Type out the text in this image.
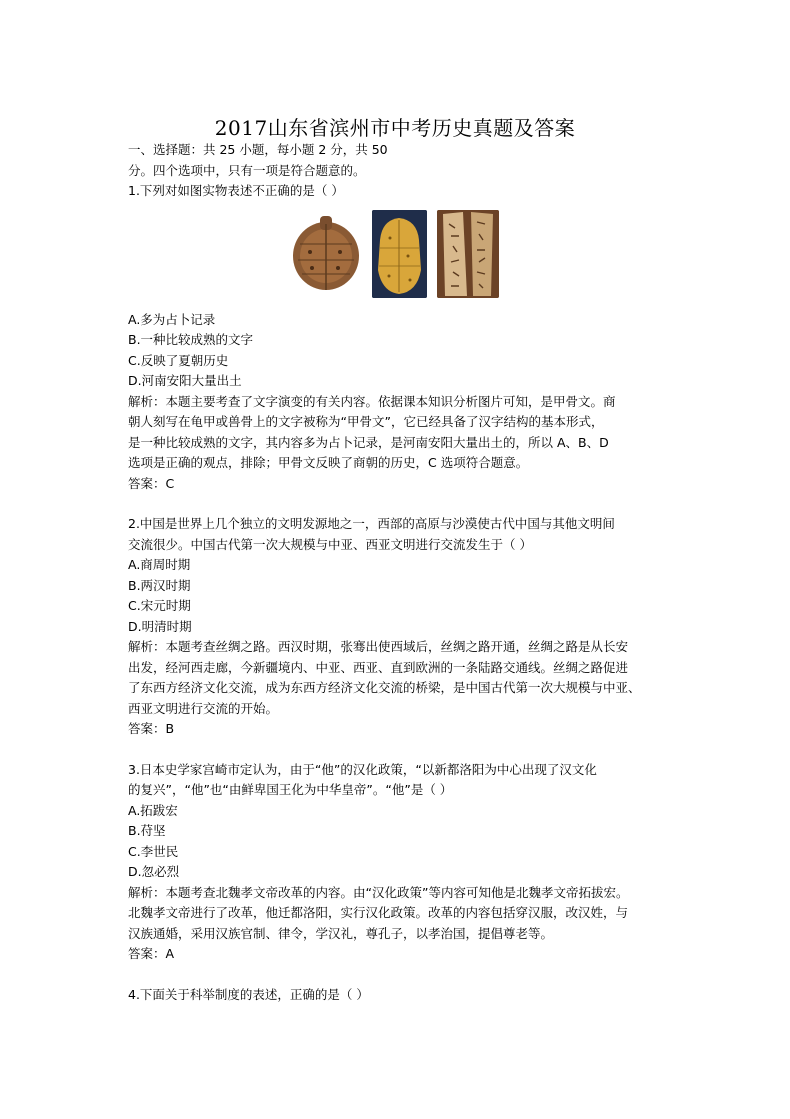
2017山东省滨州市中考历史真题及答案
一、选择题：共 25 小题，每小题 2 分，共 50
分。四个选项中，只有一项是符合题意的。
1.下列对如图实物表述不正确的是（ ）
A.多为占卜记录
B.一种比较成熟的文字
C.反映了夏朝历史
D.河南安阳大量出土
解析：本题主要考查了文字演变的有关内容。依据课本知识分析图片可知，是甲骨文。商
朝人刻写在龟甲或兽骨上的文字被称为“甲骨文”，它已经具备了汉字结构的基本形式，
是一种比较成熟的文字，其内容多为占卜记录，是河南安阳大量出土的，所以 A、B、D
选项是正确的观点，排除；甲骨文反映了商朝的历史，C 选项符合题意。
答案：C
2.中国是世界上几个独立的文明发源地之一，西部的高原与沙漠使古代中国与其他文明间
交流很少。中国古代第一次大规模与中亚、西亚文明进行交流发生于（ ）
A.商周时期
B.两汉时期
C.宋元时期
D.明清时期
解析：本题考查丝绸之路。西汉时期，张骞出使西域后，丝绸之路开通，丝绸之路是从长安
出发，经河西走廊，今新疆境内、中亚、西亚、直到欧洲的一条陆路交通线。丝绸之路促进
了东西方经济文化交流，成为东西方经济文化交流的桥梁，是中国古代第一次大规模与中亚、
西亚文明进行交流的开始。
答案：B
3.日本史学家宫崎市定认为，由于“他”的汉化政策，“以新都洛阳为中心出现了汉文化
的复兴”，“他”也“由鲜卑国王化为中华皇帝”。“他”是（ ）
A.拓跋宏
B.苻坚
C.李世民
D.忽必烈
解析：本题考查北魏孝文帝改革的内容。由“汉化政策”等内容可知他是北魏孝文帝拓拔宏。
北魏孝文帝进行了改革，他迁都洛阳，实行汉化政策。改革的内容包括穿汉服，改汉姓，与
汉族通婚，采用汉族官制、律令，学汉礼，尊孔子，以孝治国，提倡尊老等。
答案：A
4.下面关于科举制度的表述，正确的是（ ）
